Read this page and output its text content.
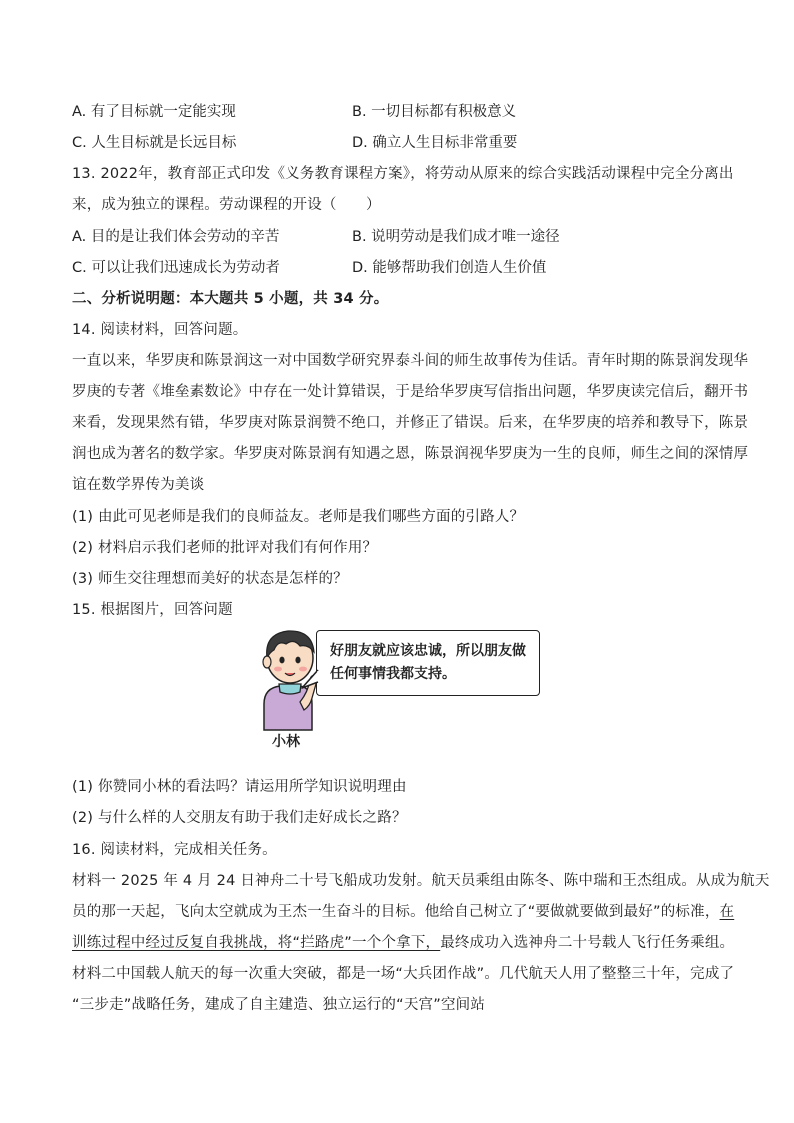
A. 有了目标就一定能实现	B. 一切目标都有积极意义
C. 人生目标就是长远目标	D. 确立人生目标非常重要
13. 2022年，教育部正式印发《义务教育课程方案》，将劳动从原来的综合实践活动课程中完全分离出
来，成为独立的课程。劳动课程的开设（　　）
A. 目的是让我们体会劳动的辛苦	B. 说明劳动是我们成才唯一途径
C. 可以让我们迅速成长为劳动者	D. 能够帮助我们创造人生价值
二、分析说明题：本大题共 5 小题，共 34 分。
14. 阅读材料，回答问题。
一直以来，华罗庚和陈景润这一对中国数学研究界泰斗间的师生故事传为佳话。青年时期的陈景润发现华
罗庚的专著《堆垒素数论》中存在一处计算错误，于是给华罗庚写信指出问题，华罗庚读完信后，翻开书
来看，发现果然有错，华罗庚对陈景润赞不绝口，并修正了错误。后来，在华罗庚的培养和教导下，陈景
润也成为著名的数学家。华罗庚对陈景润有知遇之恩，陈景润视华罗庚为一生的良师，师生之间的深情厚
谊在数学界传为美谈
(1) 由此可见老师是我们的良师益友。老师是我们哪些方面的引路人？
(2) 材料启示我们老师的批评对我们有何作用？
(3) 师生交往理想而美好的状态是怎样的？
15. 根据图片，回答问题
好朋友就应该忠诚，所以朋友做任何事情我都支持。
小林
(1) 你赞同小林的看法吗？请运用所学知识说明理由
(2) 与什么样的人交朋友有助于我们走好成长之路？
16. 阅读材料，完成相关任务。
材料一 2025 年 4 月 24 日神舟二十号飞船成功发射。航天员乘组由陈冬、陈中瑞和王杰组成。从成为航天
员的那一天起，飞向太空就成为王杰一生奋斗的目标。他给自己树立了“要做就要做到最好”的标准，在
训练过程中经过反复自我挑战，将“拦路虎”一个个拿下，最终成功入选神舟二十号载人飞行任务乘组。
材料二中国载人航天的每一次重大突破，都是一场“大兵团作战”。几代航天人用了整整三十年，完成了
“三步走”战略任务，建成了自主建造、独立运行的“天宫”空间站
